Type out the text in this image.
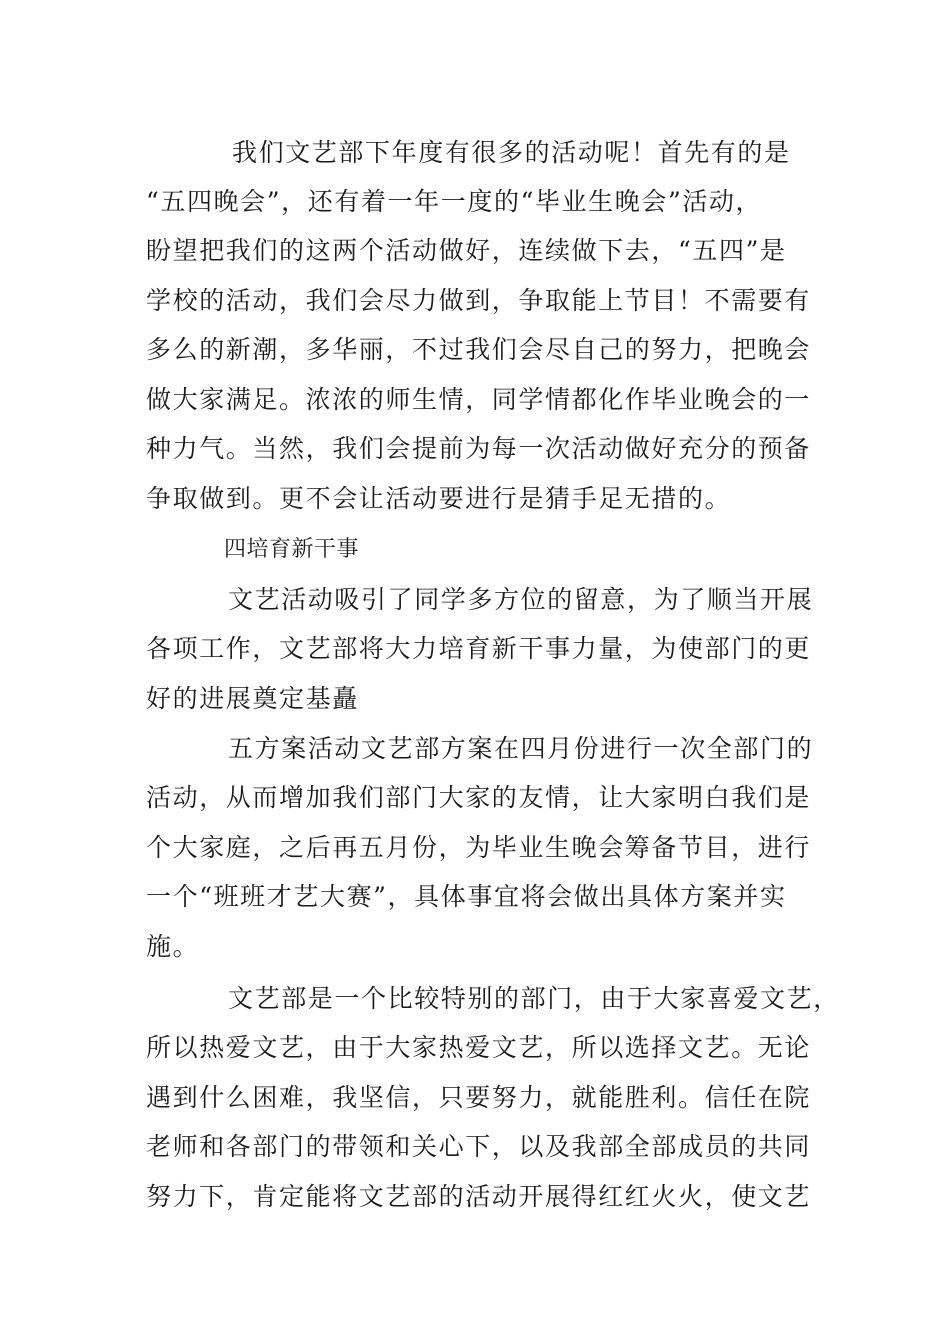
我们文艺部下年度有很多的活动呢！首先有的是
“五四晚会”，还有着一年一度的“毕业生晚会”活动，
盼望把我们的这两个活动做好，连续做下去，“五四”是
学校的活动，我们会尽力做到，争取能上节目！不需要有
多么的新潮，多华丽，不过我们会尽自己的努力，把晚会
做大家满足。浓浓的师生情，同学情都化作毕业晚会的一
种力气。当然，我们会提前为每一次活动做好充分的预备
争取做到。更不会让活动要进行是猜手足无措的。
四培育新干事
文艺活动吸引了同学多方位的留意，为了顺当开展
各项工作，文艺部将大力培育新干事力量，为使部门的更
好的进展奠定基矗
五方案活动文艺部方案在四月份进行一次全部门的
活动，从而增加我们部门大家的友情，让大家明白我们是
个大家庭，之后再五月份，为毕业生晚会筹备节目，进行
一个“班班才艺大赛”，具体事宜将会做出具体方案并实
施。
文艺部是一个比较特别的部门，由于大家喜爱文艺，
所以热爱文艺，由于大家热爱文艺，所以选择文艺。无论
遇到什么困难，我坚信，只要努力，就能胜利。信任在院
老师和各部门的带领和关心下，以及我部全部成员的共同
努力下，肯定能将文艺部的活动开展得红红火火，使文艺
